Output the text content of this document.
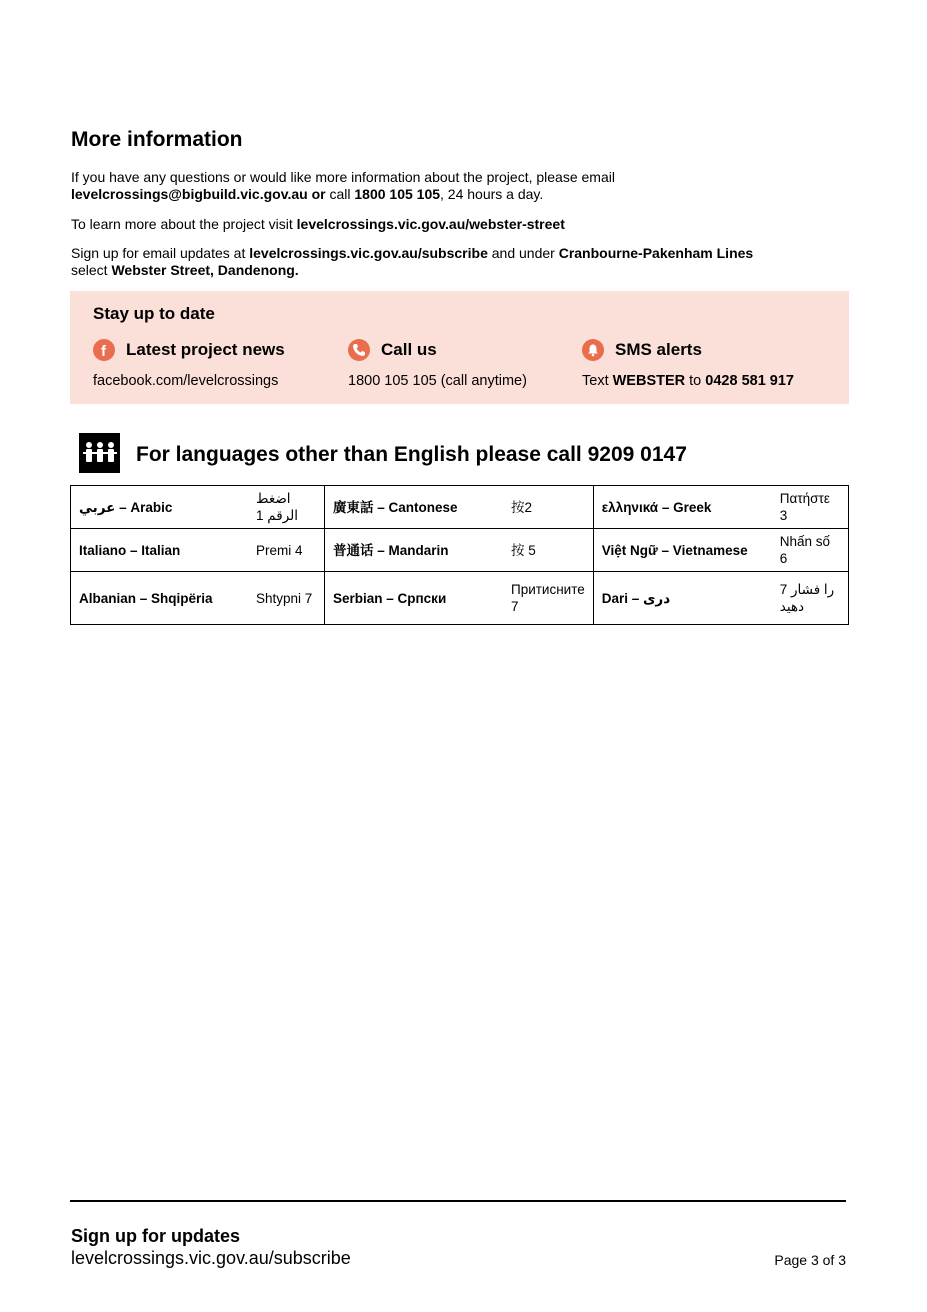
More information
If you have any questions or would like more information about the project, please email
levelcrossings@bigbuild.vic.gov.au or call 1800 105 105, 24 hours a day.
To learn more about the project visit levelcrossings.vic.gov.au/webster-street
Sign up for email updates at levelcrossings.vic.gov.au/subscribe and under Cranbourne-Pakenham Lines
select Webster Street, Dandenong.
Stay up to date
f Latest project news
facebook.com/levelcrossings
Call us
1800 105 105 (call anytime)
SMS alerts
Text WEBSTER to 0428 581 917
For languages other than English please call 9209 0147
عربي – Arabic	اضغط الرقم 1	廣東話 – Cantonese	按2	ελληνικά – Greek	Πατήστε 3
Italiano – Italian	Premi 4	普通话 – Mandarin	按 5	Việt Ngữ – Vietnamese	Nhấn số 6
Albanian – Shqipëria	Shtypni 7	Serbian – Српски	Притисните 7	Dari – دری	7 را فشار دهید
Sign up for updates
levelcrossings.vic.gov.au/subscribe	Page 3 of 3
